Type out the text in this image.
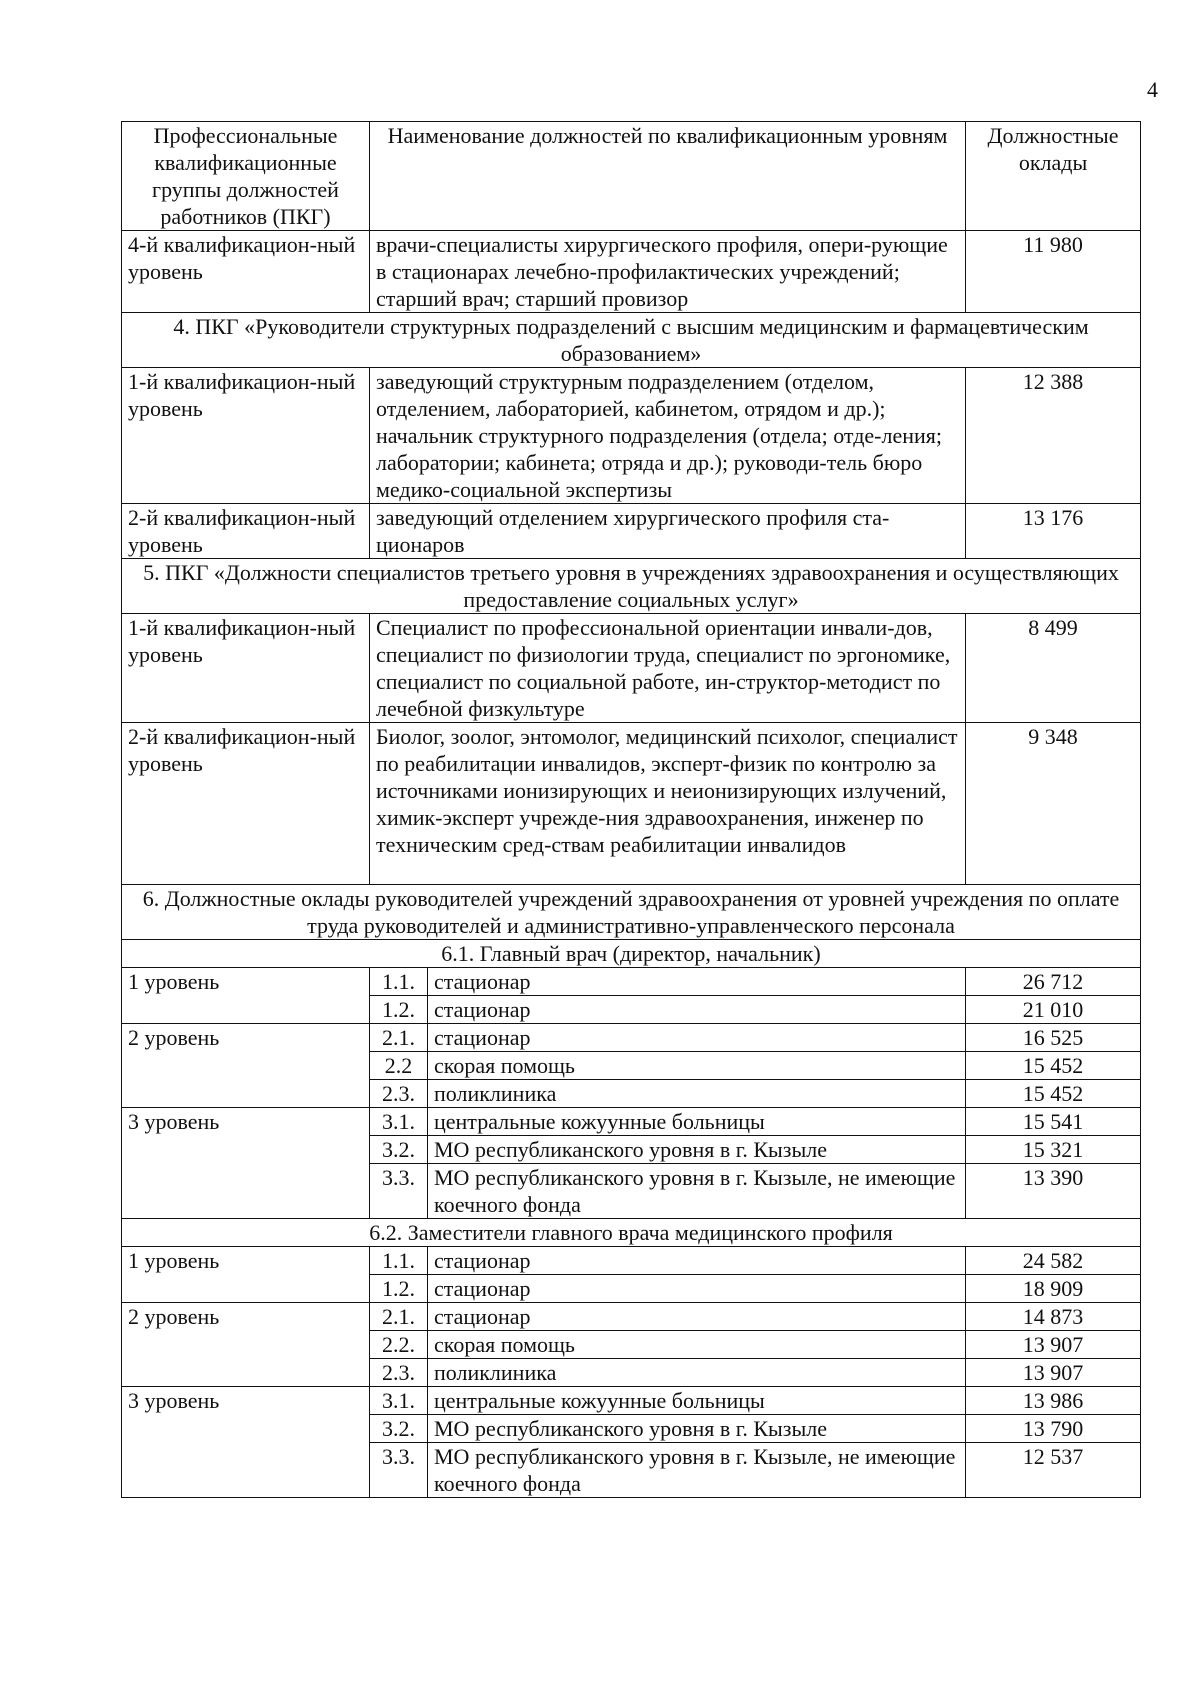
4
Профессиональные квалификационные группы должностей работников (ПКГ)	Наименование должностей по квалификационным уровням		Должностные оклады
4-й квалификацион-ный уровень	врачи-специалисты хирургического профиля, опери-рующие в стационарах лечебно-профилактических учреждений; старший врач; старший провизор		11 980
4. ПКГ «Руководители структурных подразделений с высшим медицинским и фармацевтическим образованием»			
1-й квалификацион-ный уровень	заведующий структурным подразделением (отделом, отделением, лабораторией, кабинетом, отрядом и др.); начальник структурного подразделения (отдела; отде-ления; лаборатории; кабинета; отряда и др.); руководи-тель бюро медико-социальной экспертизы		12 388
2-й квалификацион-ный уровень	заведующий отделением хирургического профиля ста-ционаров		13 176
5. ПКГ «Должности специалистов третьего уровня в учреждениях здравоохранения и осуществляющих предоставление социальных услуг»			
1-й квалификацион-ный уровень	Специалист по профессиональной ориентации инвали-дов, специалист по физиологии труда, специалист по эргономике, специалист по социальной работе, ин-структор-методист по лечебной физкультуре		8 499
2-й квалификацион-ный уровень	Биолог, зоолог, энтомолог, медицинский психолог, специалист по реабилитации инвалидов, эксперт-физик по контролю за источниками ионизирующих и неионизирующих излучений, химик-эксперт учрежде-ния здравоохранения, инженер по техническим сред-ствам реабилитации инвалидов		9 348
6. Должностные оклады руководителей учреждений здравоохранения от уровней учреждения по оплате труда руководителей и административно-управленческого персонала			
6.1. Главный врач (директор, начальник)			
1 уровень	1.1.	стационар	26 712
	1.2.	стационар	21 010
2 уровень	2.1.	стационар	16 525
	2.2	скорая помощь	15 452
	2.3.	поликлиника	15 452
3 уровень	3.1.	центральные кожуунные больницы	15 541
	3.2.	МО республиканского уровня в г. Кызыле	15 321
	3.3.	МО республиканского уровня в г. Кызыле, не имеющие коечного фонда	13 390
6.2. Заместители главного врача медицинского профиля			
1 уровень	1.1.	стационар	24 582
	1.2.	стационар	18 909
2 уровень	2.1.	стационар	14 873
	2.2.	скорая помощь	13 907
	2.3.	поликлиника	13 907
3 уровень	3.1.	центральные кожуунные больницы	13 986
	3.2.	МО республиканского уровня в г. Кызыле	13 790
	3.3.	МО республиканского уровня в г. Кызыле, не имеющие коечного фонда	12 537
